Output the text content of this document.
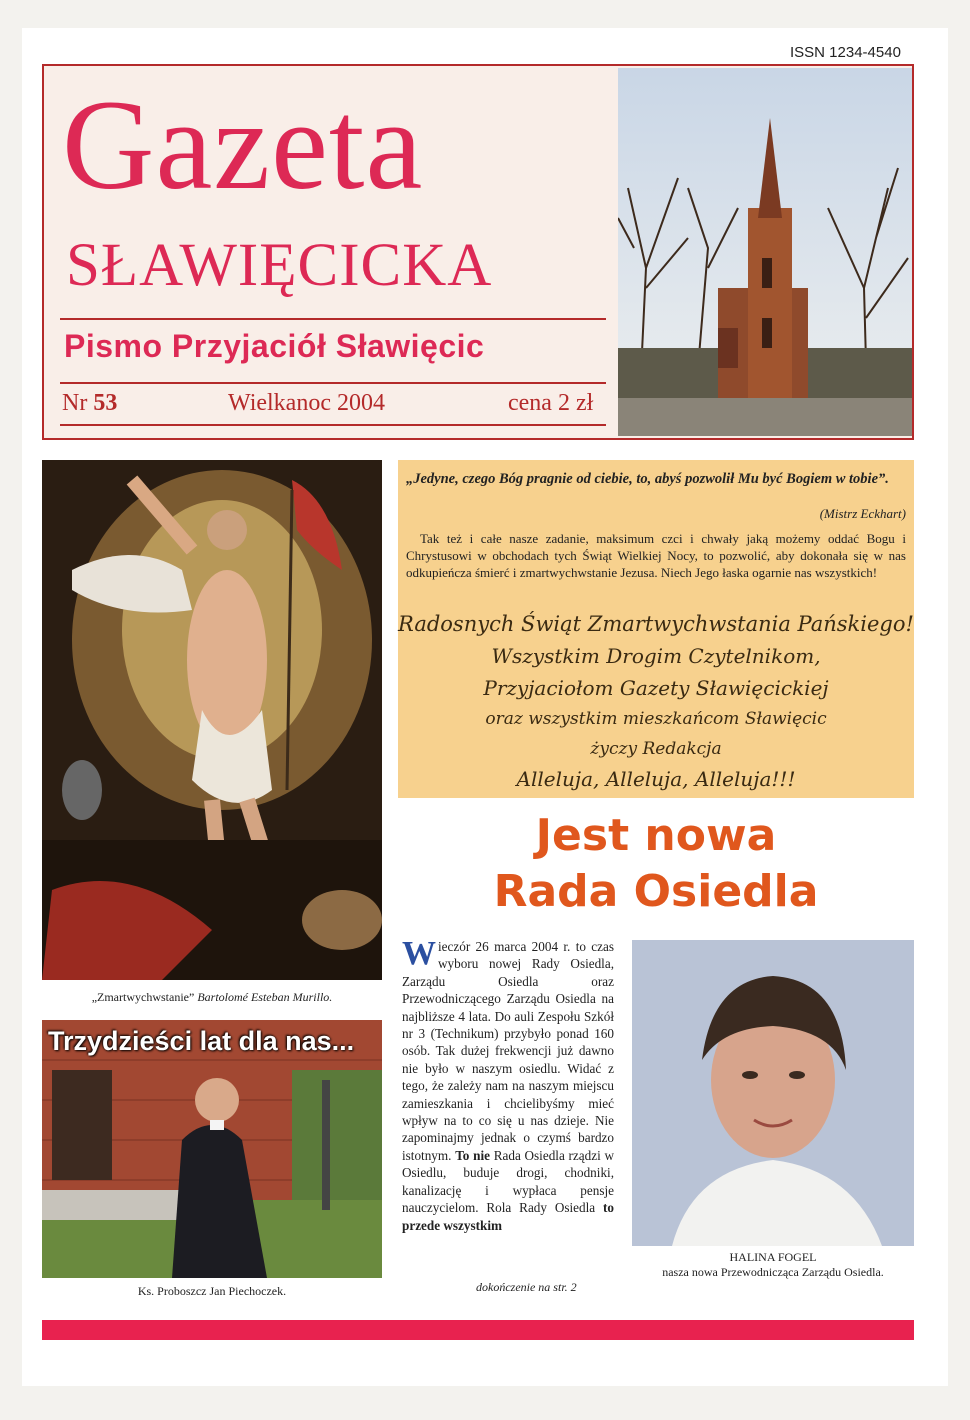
ISSN 1234-4540
Gazeta
SŁAWIĘCICKA
Pismo Przyjaciół Sławięcic
Nr 53	Wielkanoc 2004	cena 2 zł
„Zmartwychwstanie” Bartolomé Esteban Murillo.
Trzydzieści lat dla nas...
Ks. Proboszcz Jan Piechoczek.
„Jedyne, czego Bóg pragnie od ciebie, to, abyś pozwolił Mu być Bogiem w tobie”.
(Mistrz Eckhart)
Tak też i całe nasze zadanie, maksimum czci i chwały jaką możemy oddać Bogu i Chrystusowi w obchodach tych Świąt Wielkiej Nocy, to pozwolić, aby dokonała się w nas odkupieńcza śmierć i zmartwychwstanie Jezusa. Niech Jego łaska ogarnie nas wszystkich!
Radosnych Świąt Zmartwychwstania Pańskiego!
Wszystkim Drogim Czytelnikom,
Przyjaciołom Gazety Sławięcickiej
oraz wszystkim mieszkańcom Sławięcic
życzy Redakcja
Alleluja, Alleluja, Alleluja!!!
Jest nowa
Rada Osiedla
Wieczór 26 marca 2004 r. to czas wyboru nowej Rady Osiedla, Zarządu Osiedla oraz Przewodniczącego Zarządu Osiedla na najbliższe 4 lata. Do auli Zespołu Szkół nr 3 (Technikum) przybyło ponad 160 osób. Tak dużej frekwencji już dawno nie było w naszym osiedlu. Widać z tego, że zależy nam na naszym miejscu zamieszkania i chcielibyśmy mieć wpływ na to co się u nas dzieje. Nie zapominajmy jednak o czymś bardzo istotnym. To nie Rada Osiedla rządzi w Osiedlu, buduje drogi, chodniki, kanalizację i wypłaca pensje nauczycielom. Rola Rady Osiedla to przede wszystkim
dokończenie na str. 2
HALINA FOGEL
nasza nowa Przewodnicząca Zarządu Osiedla.
